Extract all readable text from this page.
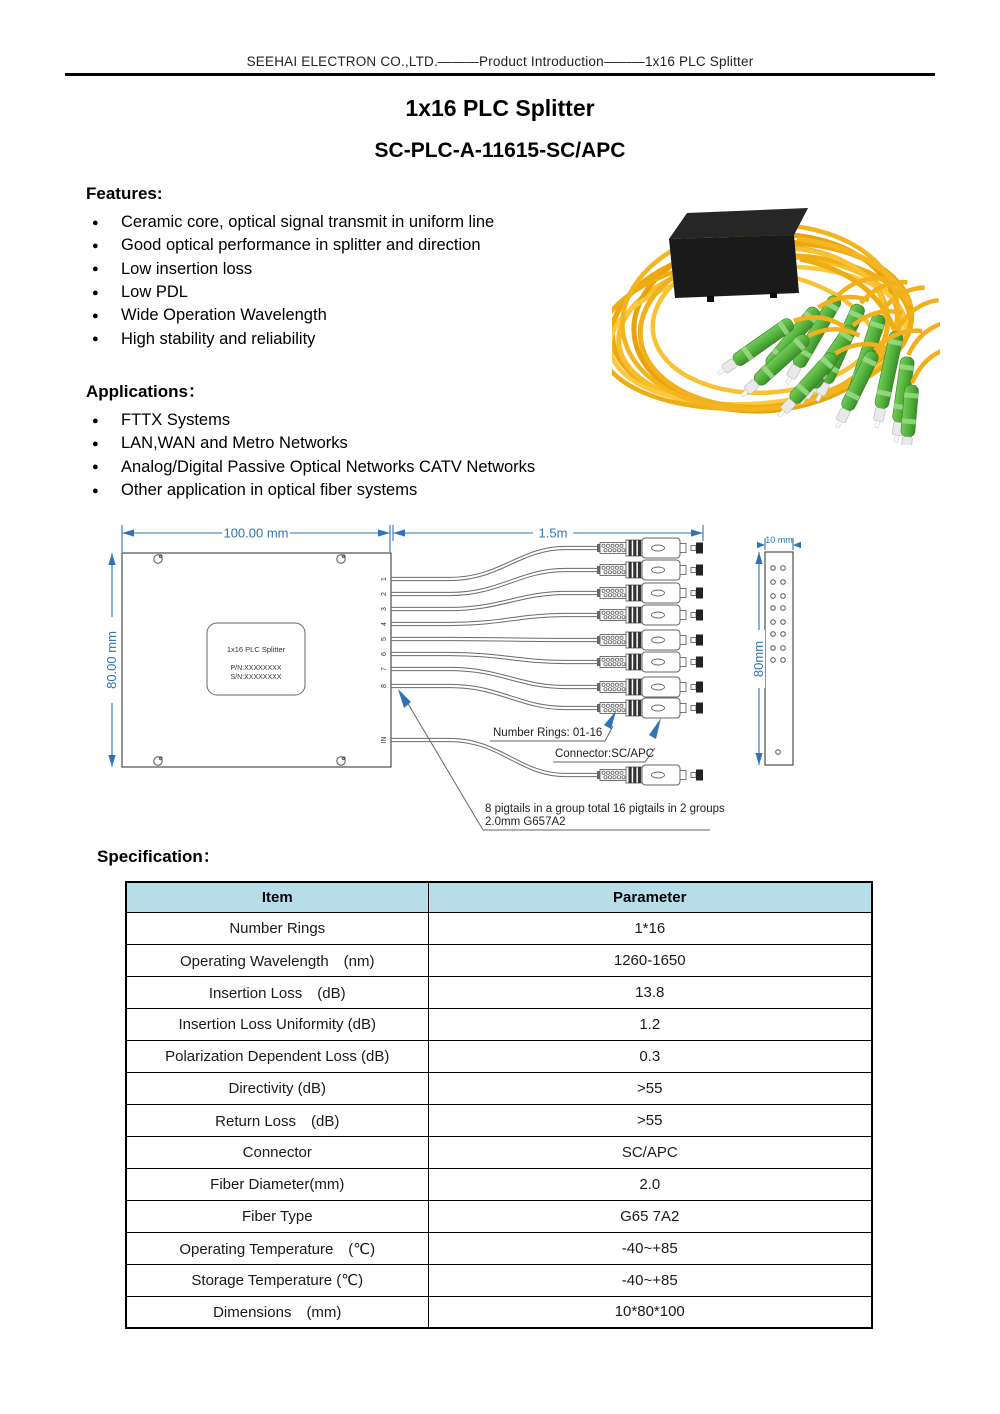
SEEHAI ELECTRON CO.,LTD.———Product Introduction———1x16 PLC Splitter
1x16 PLC Splitter
SC-PLC-A-11615-SC/APC
Features:
●	Ceramic core, optical signal transmit in uniform line
●	Good optical performance in splitter and direction
●	Low insertion loss
●	Low PDL
●	Wide Operation Wavelength
●	High stability and reliability
Applications：
●	FTTX Systems
●	LAN,WAN and Metro Networks
●	Analog/Digital Passive Optical Networks CATV Networks
●	Other application in optical fiber systems
100.00 mm
80.00 mm	1x16 PLC Splitter
P/N:XXXXXXXX
S/N:XXXXXXXX
1
2
3
4
5
6
7
8
IN
1.5m	10 mm
80mm
Number Rings: 01-16
Connector:SC/APC
8 pigtails in a group total 16 pigtails in 2 groups
2.0mm G657A2
Specification：
Item	Parameter
Number Rings	1*16
Operating Wavelength　(nm)	1260-1650
Insertion Loss　(dB)	13.8
Insertion Loss Uniformity (dB)	1.2
Polarization Dependent Loss (dB)	0.3
Directivity (dB)	>55
Return Loss　(dB)	>55
Connector	SC/APC
Fiber Diameter(mm)	2.0
Fiber Type	G65 7A2
Operating Temperature　(℃)	-40~+85
Storage Temperature (℃)	-40~+85
Dimensions　(mm)	10*80*100
